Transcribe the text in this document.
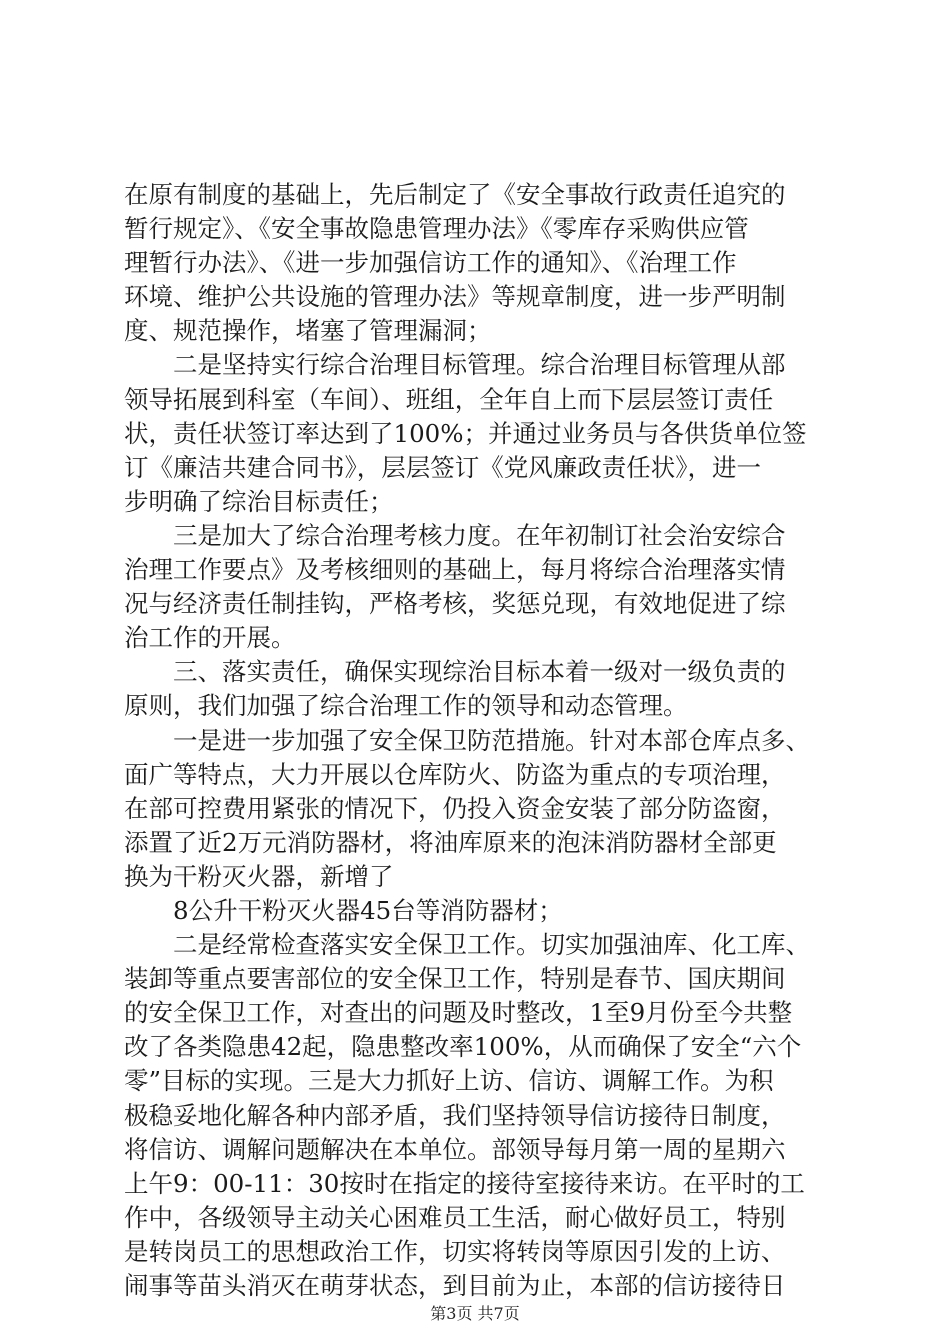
在原有制度的基础上，先后制定了《安全事故行政责任追究的
暂行规定》、《安全事故隐患管理办法》《零库存采购供应管
理暂行办法》、《进一步加强信访工作的通知》、《治理工作
环境、维护公共设施的管理办法》等规章制度，进一步严明制
度、规范操作，堵塞了管理漏洞；
二是坚持实行综合治理目标管理。综合治理目标管理从部
领导拓展到科室（车间）、班组，全年自上而下层层签订责任
状，责任状签订率达到了100%；并通过业务员与各供货单位签
订《廉洁共建合同书》，层层签订《党风廉政责任状》，进一
步明确了综治目标责任；
三是加大了综合治理考核力度。在年初制订社会治安综合
治理工作要点》及考核细则的基础上，每月将综合治理落实情
况与经济责任制挂钩，严格考核，奖惩兑现，有效地促进了综
治工作的开展。
三、落实责任，确保实现综治目标本着一级对一级负责的
原则，我们加强了综合治理工作的领导和动态管理。
一是进一步加强了安全保卫防范措施。针对本部仓库点多、
面广等特点，大力开展以仓库防火、防盗为重点的专项治理，
在部可控费用紧张的情况下，仍投入资金安装了部分防盗窗，
添置了近2万元消防器材，将油库原来的泡沫消防器材全部更
换为干粉灭火器，新增了
8公升干粉灭火器45台等消防器材；
二是经常检查落实安全保卫工作。切实加强油库、化工库、
装卸等重点要害部位的安全保卫工作，特别是春节、国庆期间
的安全保卫工作，对查出的问题及时整改，1至9月份至今共整
改了各类隐患42起，隐患整改率100%，从而确保了安全“六个
零”目标的实现。三是大力抓好上访、信访、调解工作。为积
极稳妥地化解各种内部矛盾，我们坚持领导信访接待日制度，
将信访、调解问题解决在本单位。部领导每月第一周的星期六
上午9：00-11：30按时在指定的接待室接待来访。在平时的工
作中，各级领导主动关心困难员工生活，耐心做好员工，特别
是转岗员工的思想政治工作，切实将转岗等原因引发的上访、
闹事等苗头消灭在萌芽状态，到目前为止，本部的信访接待日
第3页 共7页
